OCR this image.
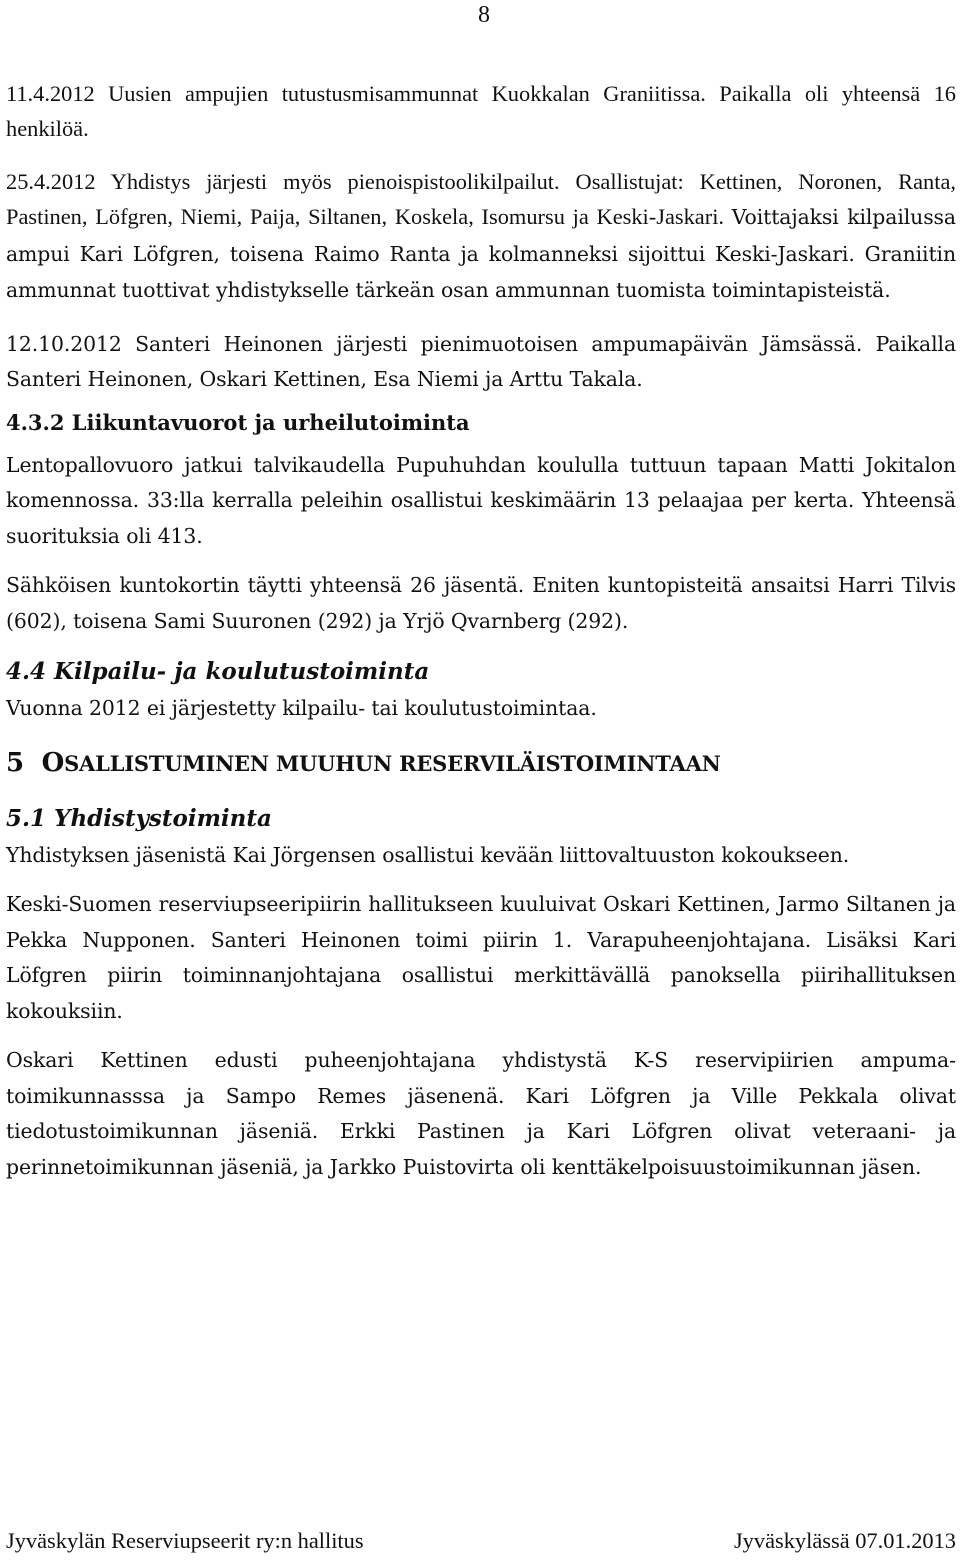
8

11.4.2012 Uusien ampujien tutustusmisammunnat Kuokkalan Graniitissa. Paikalla oli yhteensä 16 henkilöä.

25.4.2012 Yhdistys järjesti myös pienoispistoolikilpailut. Osallistujat: Kettinen, Noronen, Ranta, Pastinen, Löfgren, Niemi, Paija, Siltanen, Koskela, Isomursu ja Keski-Jaskari. Voittajaksi kilpailussa ampui Kari Löfgren, toisena Raimo Ranta ja kolmanneksi sijoittui Keski-Jaskari. Graniitin ammunnat tuottivat yhdistykselle tärkeän osan ammunnan tuomista toimintapisteistä.

12.10.2012 Santeri Heinonen järjesti pienimuotoisen ampumapäivän Jämsässä. Paikalla Santeri Heinonen, Oskari Kettinen, Esa Niemi ja Arttu Takala.

4.3.2 Liikuntavuorot ja urheilutoiminta

Lentopallovuoro jatkui talvikaudella Pupuhuhdan koululla tuttuun tapaan Matti Jokitalon komennossa. 33:lla kerralla peleihin osallistui keskimäärin 13 pelaajaa per kerta. Yhteensä suorituksia oli 413.

Sähköisen kuntokortin täytti yhteensä 26 jäsentä. Eniten kuntopisteitä ansaitsi Harri Tilvis (602), toisena Sami Suuronen (292) ja Yrjö Qvarnberg (292).

4.4 Kilpailu- ja koulutustoiminta

Vuonna 2012 ei järjestetty kilpailu- tai koulutustoimintaa.

5 OSALLISTUMINEN MUUHUN RESERVILÄISTOIMINTAAN
5.1 Yhdistystoiminta

Yhdistyksen jäsenistä Kai Jörgensen osallistui kevään liittovaltuuston kokoukseen.

Keski-Suomen reserviupseeripiirin hallitukseen kuuluivat Oskari Kettinen, Jarmo Siltanen ja Pekka Nupponen. Santeri Heinonen toimi piirin 1. Varapuheenjohtajana. Lisäksi Kari Löfgren piirin toiminnanjohtajana osallistui merkittävällä panoksella piirihallituksen kokouksiin.

Oskari Kettinen edusti puheenjohtajana yhdistystä K-S reservipiirien ampumatoimikunnasssa ja Sampo Remes jäsenenä. Kari Löfgren ja Ville Pekkala olivat tiedotustoimikunnan jäseniä. Erkki Pastinen ja Kari Löfgren olivat veteraani- ja perinnetoimikunnan jäseniä, ja Jarkko Puistovirta oli kenttäkelpoisuustoimikunnan jäsen.

Jyväskylän Reserviupseerit ry:n hallitus	Jyväskylässä 07.01.2013
